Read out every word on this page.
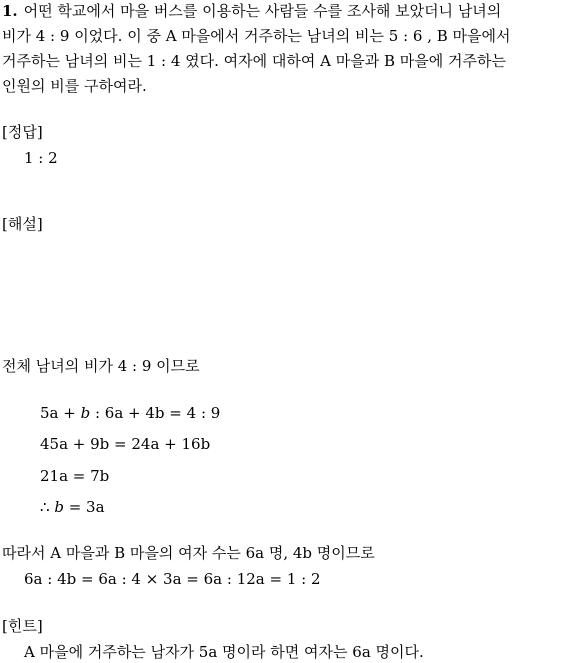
1. 어떤 학교에서 마을 버스를 이용하는 사람들 수를 조사해 보았더니 남녀의
비가 4 : 9 이었다. 이 중 A 마을에서 거주하는 남녀의 비는 5 : 6 , B 마을에서
거주하는 남녀의 비는 1 : 4 였다. 여자에 대하여 A 마을과 B 마을에 거주하는
인원의 비를 구하여라.
[정답]
1 : 2
[해설]
전체 남녀의 비가 4 : 9 이므로
5a + b : 6a + 4b = 4 : 9
45a + 9b = 24a + 16b
21a = 7b
∴ b = 3a
따라서 A 마을과 B 마을의 여자 수는 6a 명, 4b 명이므로
6a : 4b = 6a : 4 × 3a = 6a : 12a = 1 : 2
[힌트]
A 마을에 거주하는 남자가 5a 명이라 하면 여자는 6a 명이다.
